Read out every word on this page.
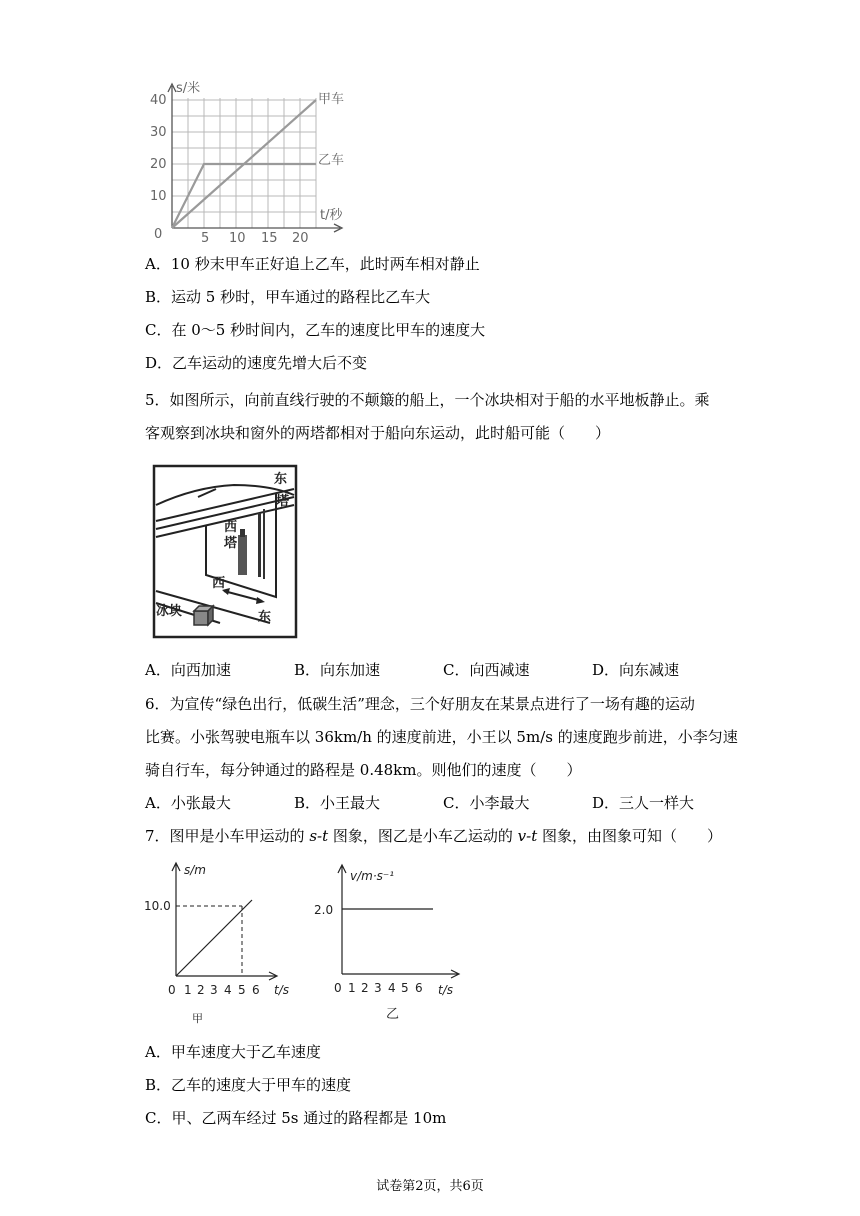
s/米
t/秒
甲车
乙车
0
10
20
30
40
5 10 15 20
A．10 秒末甲车正好追上乙车，此时两车相对静止
B．运动 5 秒时，甲车通过的路程比乙车大
C．在 0～5 秒时间内，乙车的速度比甲车的速度大
D．乙车运动的速度先增大后不变
5．如图所示，向前直线行驶的不颠簸的船上，一个冰块相对于船的水平地板静止。乘
客观察到冰块和窗外的两塔都相对于船向东运动，此时船可能（　　）
东
塔
西
塔
西
东
冰块
A．向西加速	B．向东加速	C．向西减速	D．向东减速
6．为宣传“绿色出行，低碳生活”理念，三个好朋友在某景点进行了一场有趣的运动
比赛。小张驾驶电瓶车以 36km/h 的速度前进，小王以 5m/s 的速度跑步前进，小李匀速
骑自行车，每分钟通过的路程是 0.48km。则他们的速度（　　）
A．小张最大	B．小王最大	C．小李最大	D．三人一样大
7．图甲是小车甲运动的 s-t 图象，图乙是小车乙运动的 v-t 图象，由图象可知（　　）
s/m
10.0
t/s
0 1 2 3 4 5 6
甲
v/m·s⁻¹
2.0
t/s
0 1 2 3 4 5 6
乙
A．甲车速度大于乙车速度
B．乙车的速度大于甲车的速度
C．甲、乙两车经过 5s 通过的路程都是 10m
试卷第2页，共6页
